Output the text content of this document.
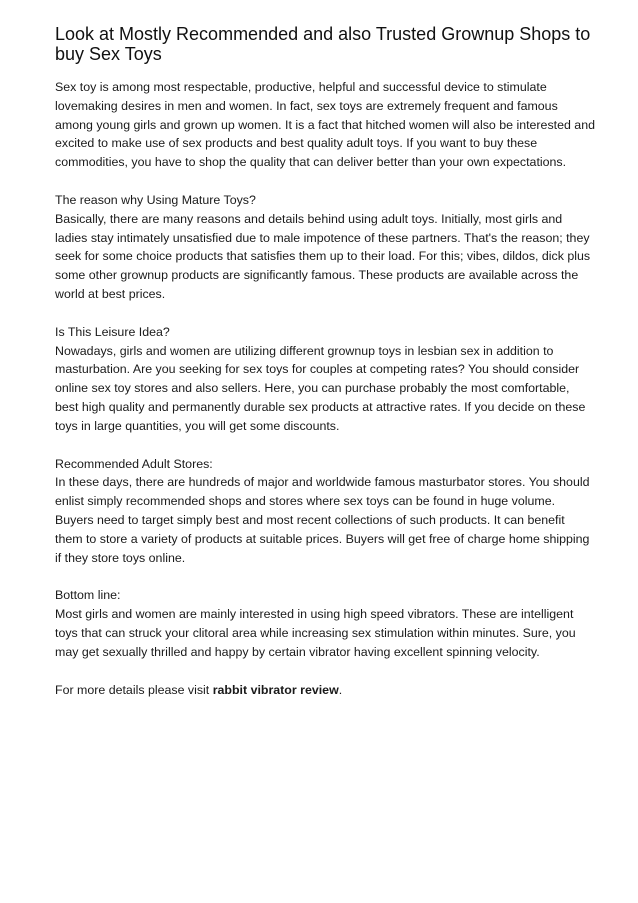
Look at Mostly Recommended and also Trusted Grownup Shops to buy Sex Toys

Sex toy is among most respectable, productive, helpful and successful device to stimulate lovemaking desires in men and women. In fact, sex toys are extremely frequent and famous among young girls and grown up women. It is a fact that hitched women will also be interested and excited to make use of sex products and best quality adult toys. If you want to buy these commodities, you have to shop the quality that can deliver better than your own expectations.

The reason why Using Mature Toys?

Basically, there are many reasons and details behind using adult toys. Initially, most girls and ladies stay intimately unsatisfied due to male impotence of these partners. That's the reason; they seek for some choice products that satisfies them up to their load. For this; vibes, dildos, dick plus some other grownup products are significantly famous. These products are available across the world at best prices.

Is This Leisure Idea?

Nowadays, girls and women are utilizing different grownup toys in lesbian sex in addition to masturbation. Are you seeking for sex toys for couples at competing rates? You should consider online sex toy stores and also sellers. Here, you can purchase probably the most comfortable, best high quality and permanently durable sex products at attractive rates. If you decide on these toys in large quantities, you will get some discounts.

Recommended Adult Stores:

In these days, there are hundreds of major and worldwide famous masturbator stores. You should enlist simply recommended shops and stores where sex toys can be found in huge volume. Buyers need to target simply best and most recent collections of such products. It can benefit them to store a variety of products at suitable prices. Buyers will get free of charge home shipping if they store toys online.

Bottom line:

Most girls and women are mainly interested in using high speed vibrators. These are intelligent toys that can struck your clitoral area while increasing sex stimulation within minutes. Sure, you may get sexually thrilled and happy by certain vibrator having excellent spinning velocity.

For more details please visit rabbit vibrator review.
